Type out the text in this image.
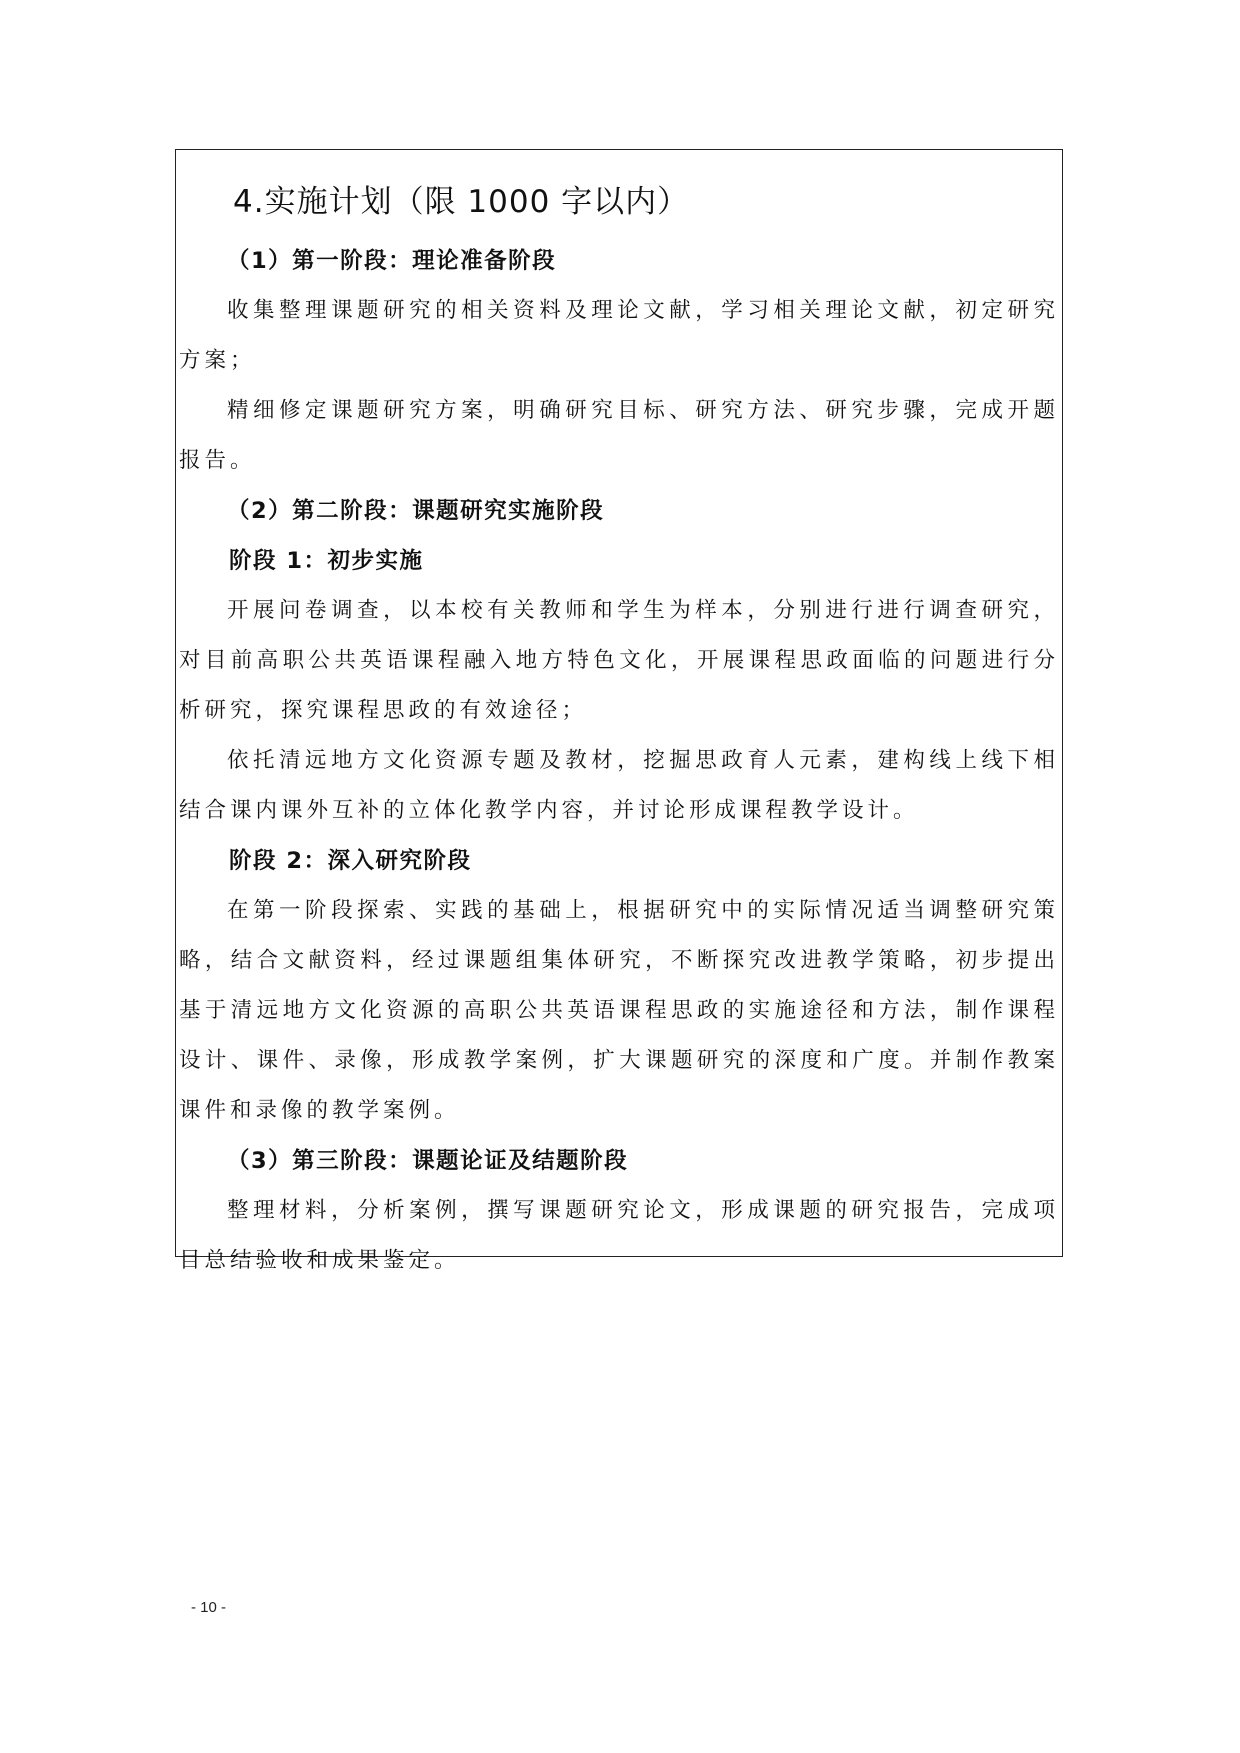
4.实施计划（限 1000 字以内）
（1）第一阶段：理论准备阶段

收集整理课题研究的相关资料及理论文献，学习相关理论文献，初定研究方案；

精细修定课题研究方案，明确研究目标、研究方法、研究步骤，完成开题报告。

（2）第二阶段：课题研究实施阶段
阶段 1：初步实施

开展问卷调查，以本校有关教师和学生为样本，分别进行进行调查研究，对目前高职公共英语课程融入地方特色文化，开展课程思政面临的问题进行分析研究，探究课程思政的有效途径；

依托清远地方文化资源专题及教材，挖掘思政育人元素，建构线上线下相结合课内课外互补的立体化教学内容，并讨论形成课程教学设计。

阶段 2：深入研究阶段

在第一阶段探索、实践的基础上，根据研究中的实际情况适当调整研究策略，结合文献资料，经过课题组集体研究，不断探究改进教学策略，初步提出基于清远地方文化资源的高职公共英语课程思政的实施途径和方法，制作课程设计、课件、录像，形成教学案例，扩大课题研究的深度和广度。并制作教案课件和录像的教学案例。

（3）第三阶段：课题论证及结题阶段

整理材料，分析案例，撰写课题研究论文，形成课题的研究报告，完成项目总结验收和成果鉴定。

- 10 -
